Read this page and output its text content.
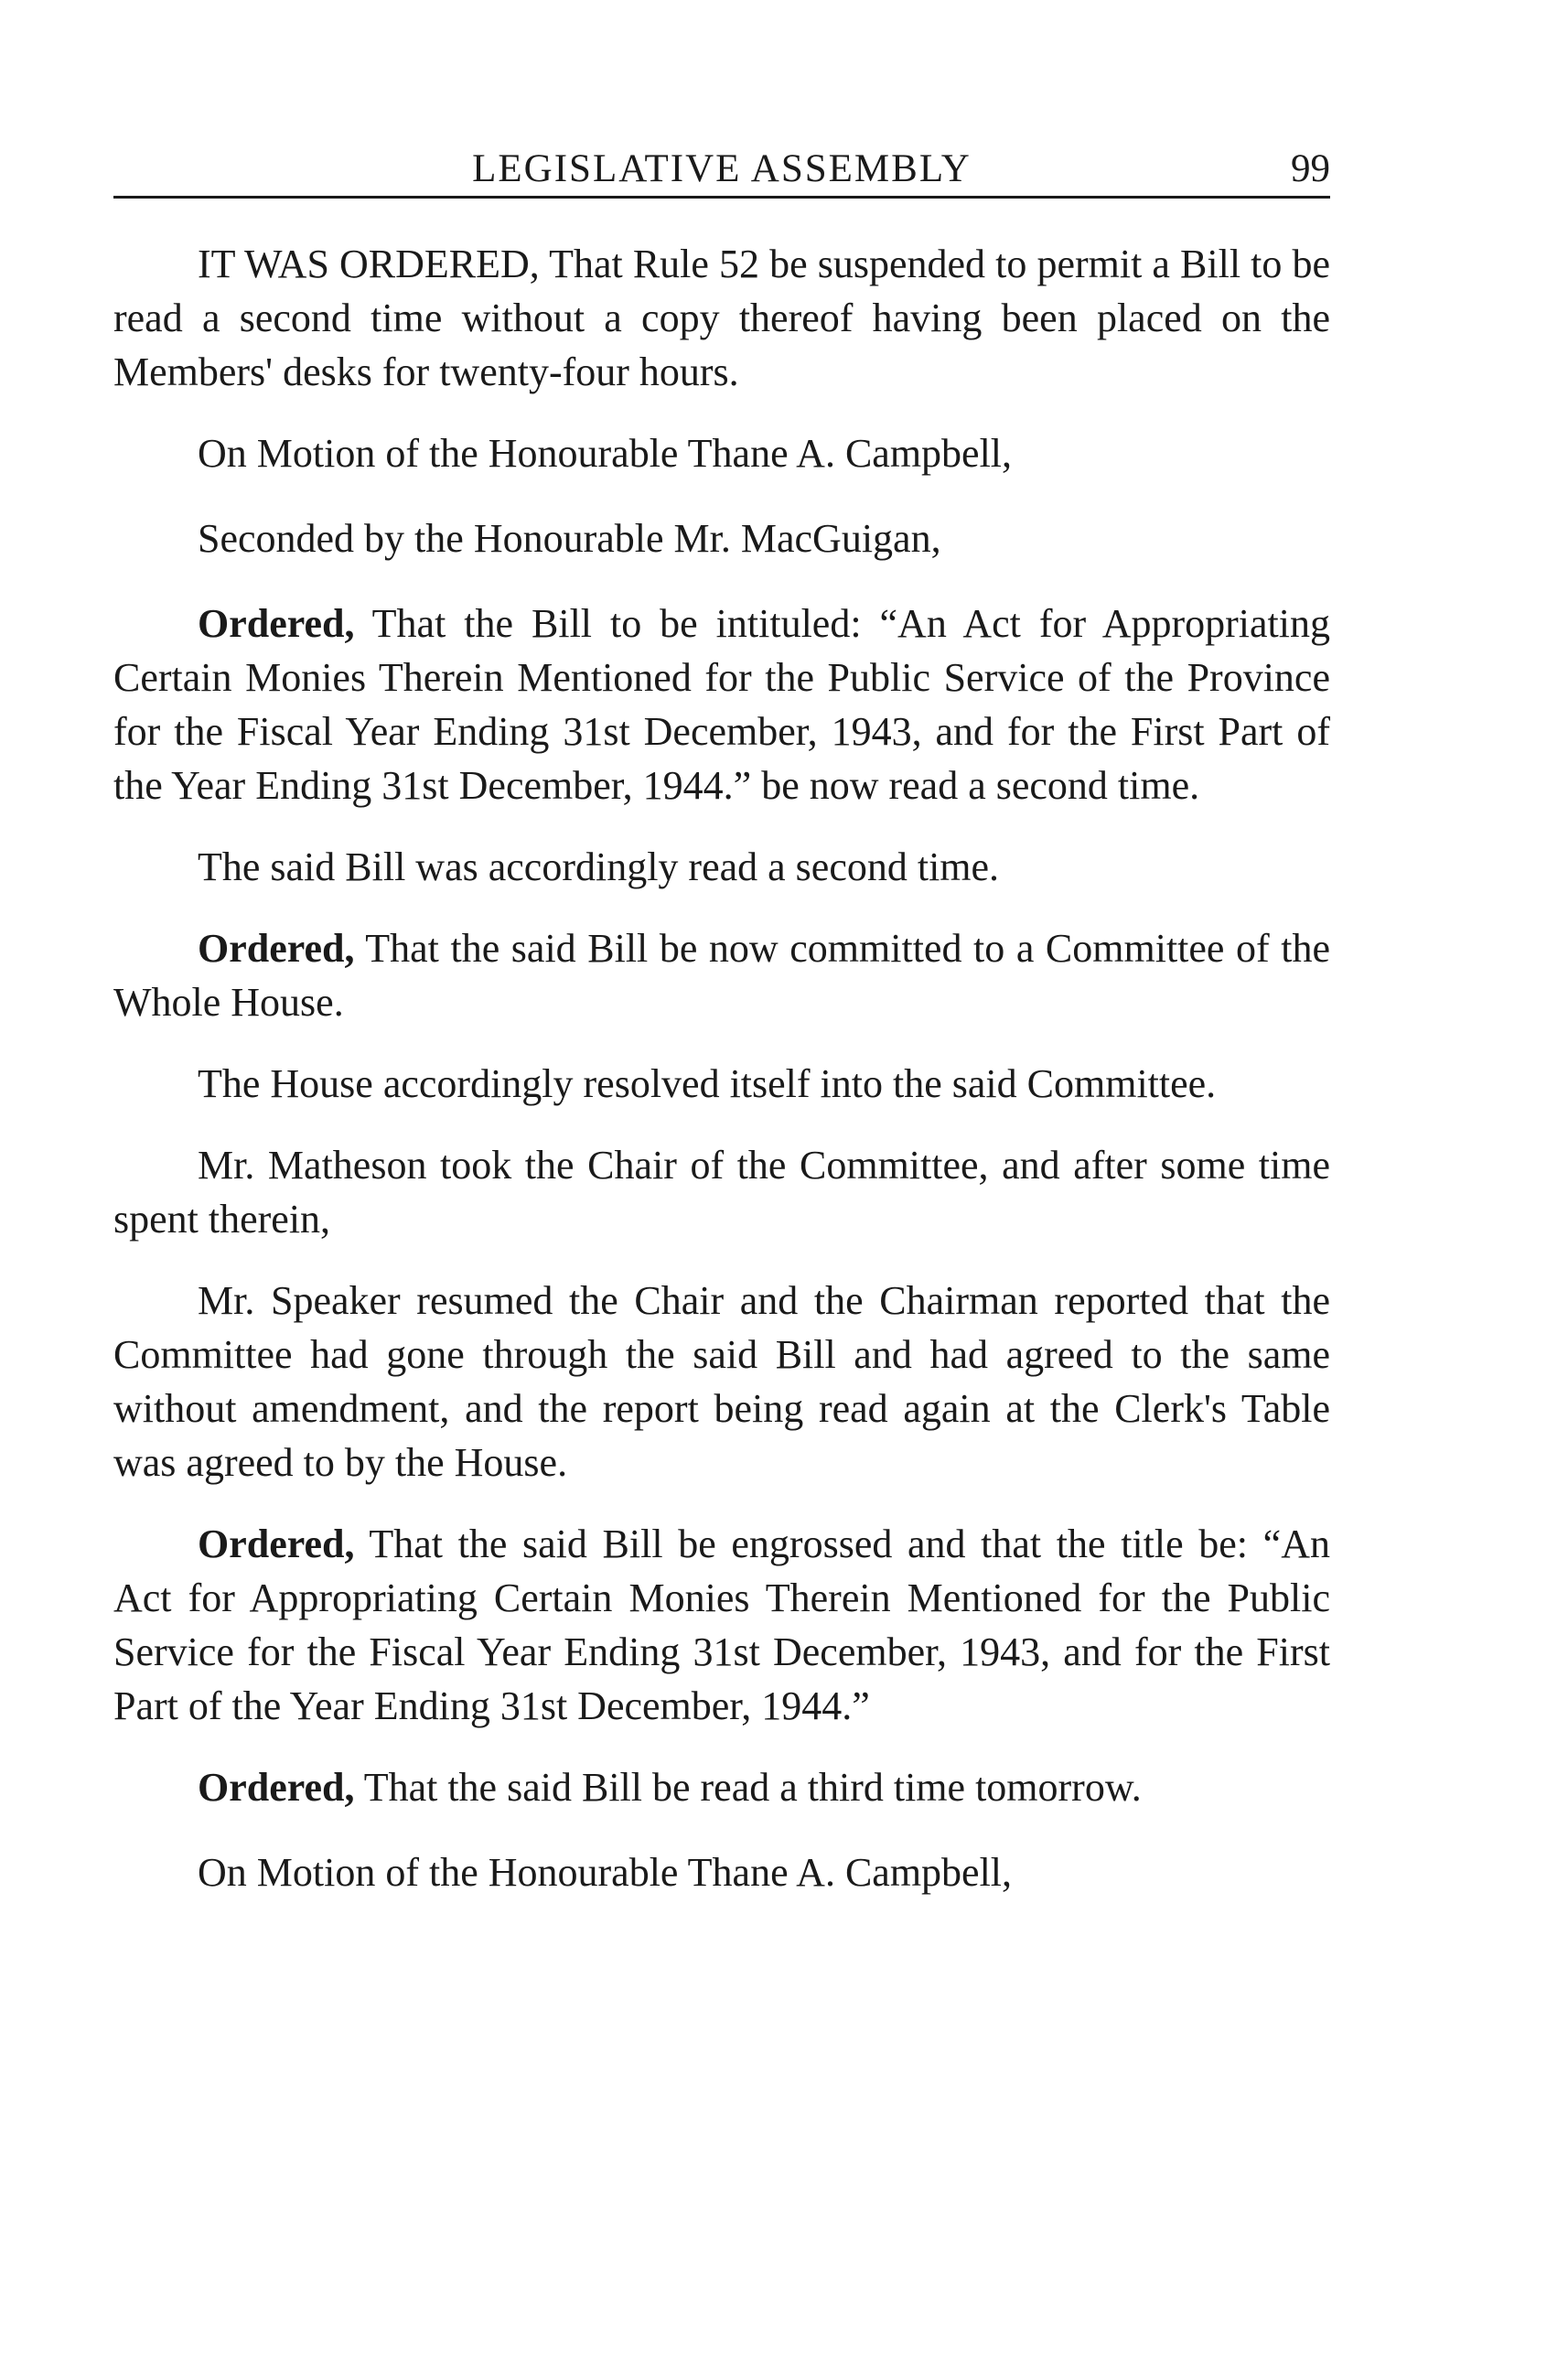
LEGISLATIVE ASSEMBLY	99

IT WAS ORDERED, That Rule 52 be suspended to permit a Bill to be read a second time without a copy thereof having been placed on the Members' desks for twenty-four hours.

On Motion of the Honourable Thane A. Campbell,

Seconded by the Honourable Mr. MacGuigan,

Ordered, That the Bill to be intituled: “An Act for Appropriating Certain Monies Therein Mentioned for the Public Service of the Province for the Fiscal Year Ending 31st December, 1943, and for the First Part of the Year Ending 31st December, 1944.” be now read a second time.

The said Bill was accordingly read a second time.

Ordered, That the said Bill be now committed to a Committee of the Whole House.

The House accordingly resolved itself into the said Committee.

Mr. Matheson took the Chair of the Committee, and after some time spent therein,

Mr. Speaker resumed the Chair and the Chairman reported that the Committee had gone through the said Bill and had agreed to the same without amendment, and the report being read again at the Clerk's Table was agreed to by the House.

Ordered, That the said Bill be engrossed and that the title be: “An Act for Appropriating Certain Monies Therein Mentioned for the Public Service for the Fiscal Year Ending 31st December, 1943, and for the First Part of the Year Ending 31st December, 1944.”

Ordered, That the said Bill be read a third time tomorrow.

On Motion of the Honourable Thane A. Campbell,
